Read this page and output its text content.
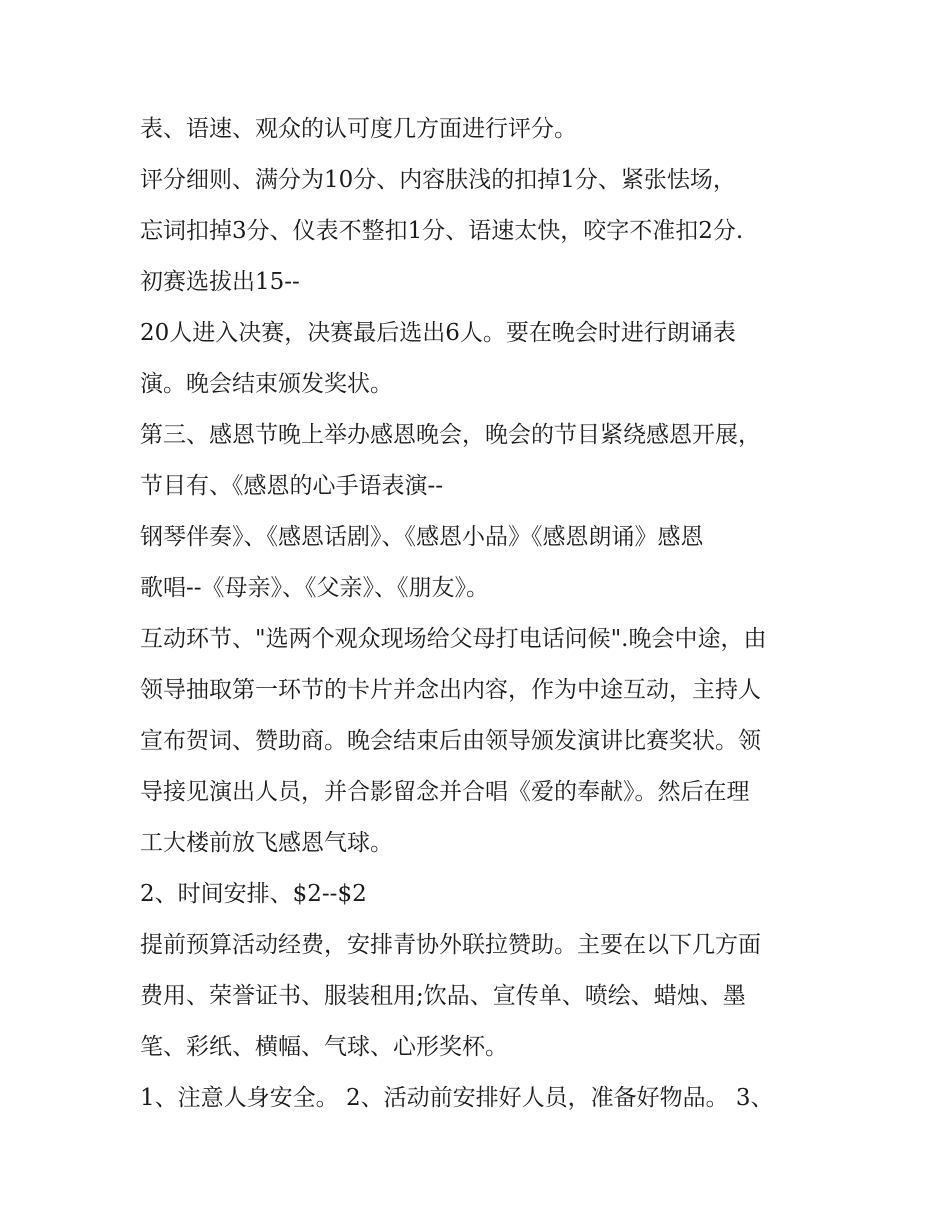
表、语速、观众的认可度几方面进行评分。
评分细则、满分为10分、内容肤浅的扣掉1分、紧张怯场，
忘词扣掉3分、仪表不整扣1分、语速太快，咬字不准扣2分.
初赛选拔出15--
20人进入决赛，决赛最后选出6人。要在晚会时进行朗诵表
演。晚会结束颁发奖状。
第三、感恩节晚上举办感恩晚会，晚会的节目紧绕感恩开展，
节目有、《感恩的心手语表演--
钢琴伴奏》、《感恩话剧》、《感恩小品》《感恩朗诵》感恩
歌唱--《母亲》、《父亲》、《朋友》。
互动环节、"选两个观众现场给父母打电话问候".晚会中途，由
领导抽取第一环节的卡片并念出内容，作为中途互动，主持人
宣布贺词、赞助商。晚会结束后由领导颁发演讲比赛奖状。领
导接见演出人员，并合影留念并合唱《爱的奉献》。然后在理
工大楼前放飞感恩气球。
2、时间安排、$2--$2
提前预算活动经费，安排青协外联拉赞助。主要在以下几方面
费用、荣誉证书、服装租用;饮品、宣传单、喷绘、蜡烛、墨
笔、彩纸、横幅、气球、心形奖杯。
1、注意人身安全。 2、活动前安排好人员，准备好物品。 3、
